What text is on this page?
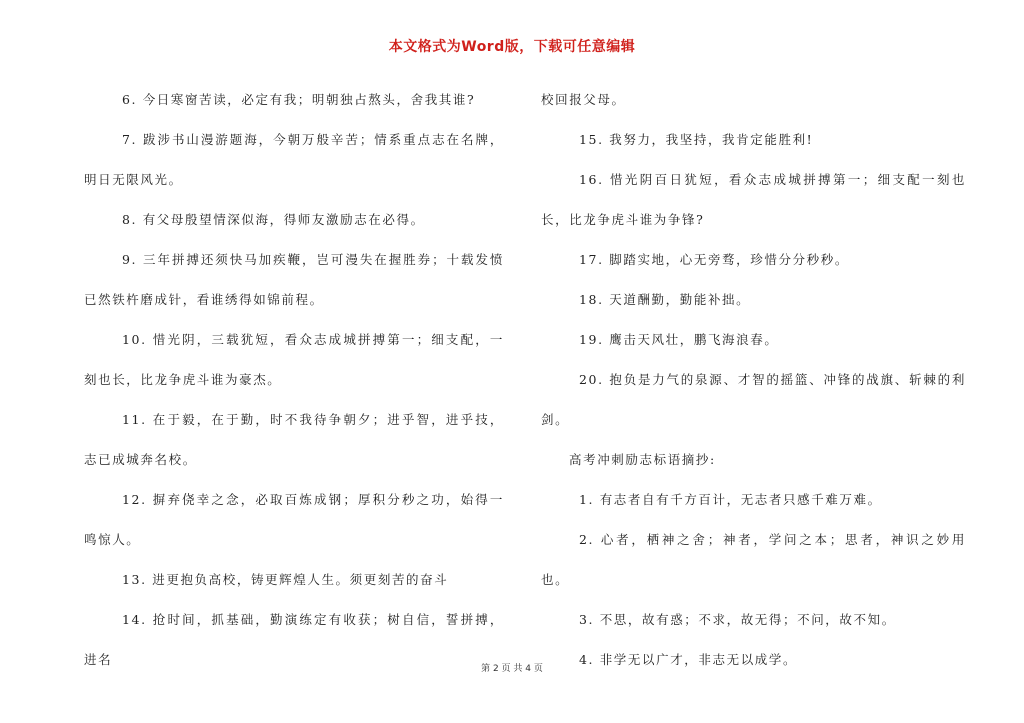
本文格式为Word版，下载可任意编辑

6. 今日寒窗苦读，必定有我；明朝独占熬头，舍我其谁?

7. 跋涉书山漫游题海，今朝万般辛苦；情系重点志在名牌，明日无限风光。

8. 有父母殷望情深似海，得师友激励志在必得。

9. 三年拼搏还须快马加疾鞭，岂可漫失在握胜券；十载发愤已然铁杵磨成针，看谁绣得如锦前程。

10. 惜光阴，三载犹短，看众志成城拼搏第一；细支配，一刻也长，比龙争虎斗谁为豪杰。

11. 在于毅，在于勤，时不我待争朝夕；进乎智，进乎技，志已成城奔名校。

12. 摒弃侥幸之念，必取百炼成钢；厚积分秒之功，始得一鸣惊人。

13. 进更抱负高校，铸更辉煌人生。须更刻苦的奋斗

14. 抢时间，抓基础，勤演练定有收获；树自信，誓拼搏，进名

校回报父母。

15. 我努力，我坚持，我肯定能胜利!

16. 惜光阴百日犹短，看众志成城拼搏第一；细支配一刻也长，比龙争虎斗谁为争锋?

17. 脚踏实地，心无旁骛，珍惜分分秒秒。

18. 天道酬勤，勤能补拙。

19. 鹰击天风壮，鹏飞海浪春。

20. 抱负是力气的泉源、才智的摇篮、冲锋的战旗、斩棘的利剑。

高考冲刺励志标语摘抄:

1. 有志者自有千方百计，无志者只感千难万难。

2. 心者，栖神之舍；神者，学问之本；思者，神识之妙用也。

3. 不思，故有惑；不求，故无得；不问，故不知。

4. 非学无以广才，非志无以成学。

第 2 页 共 4 页
